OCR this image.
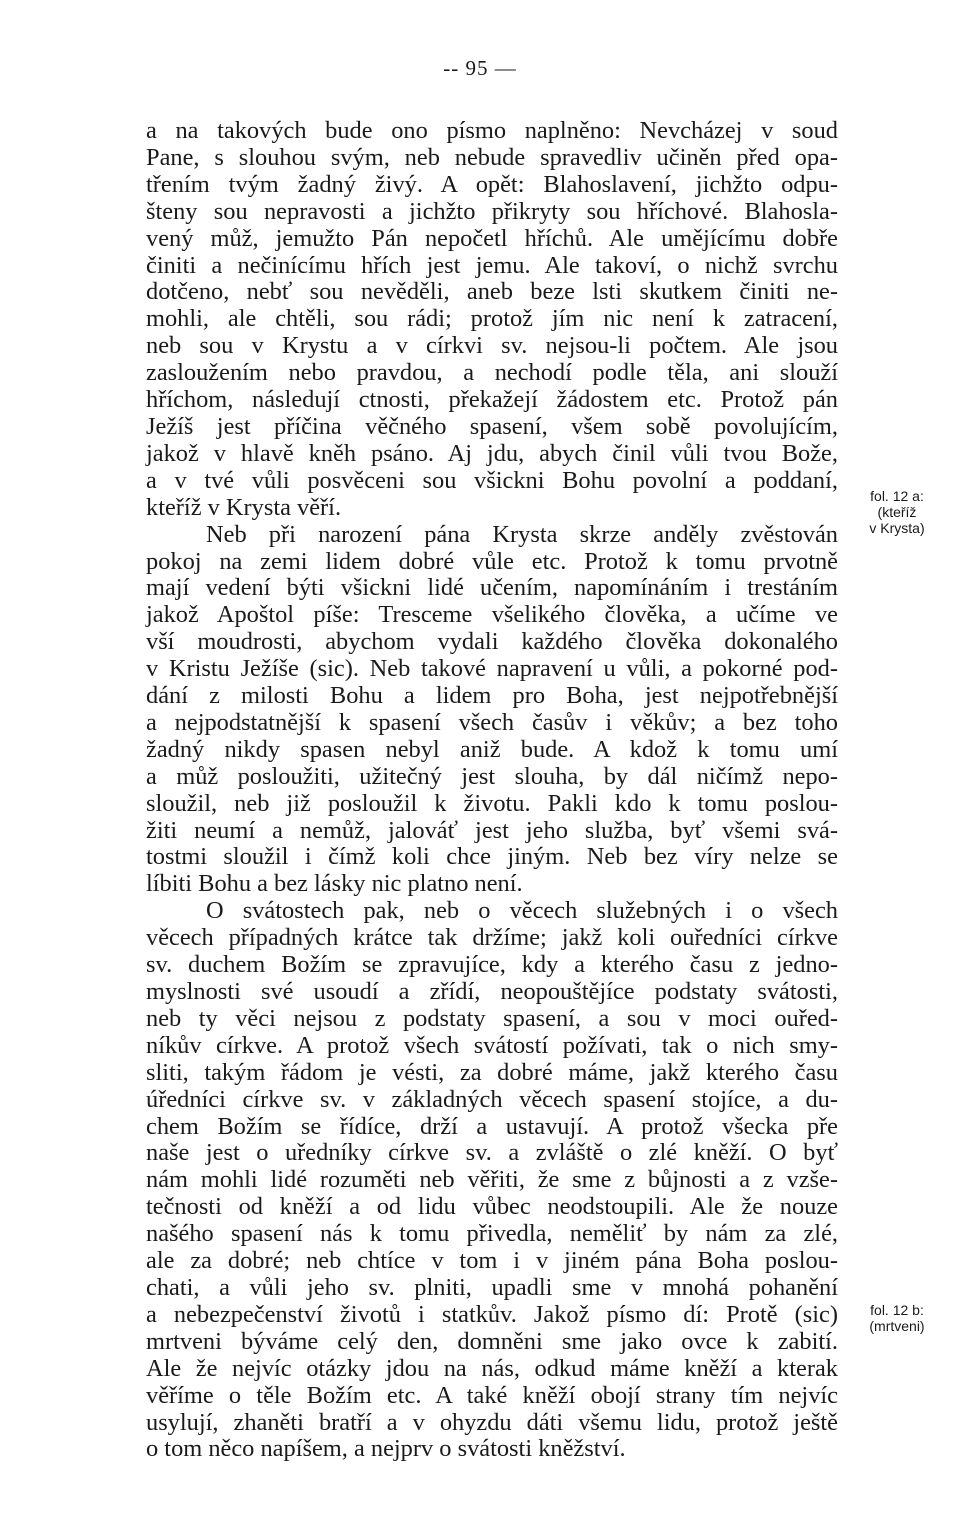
-- 95 —
a na takových bude ono písmo naplněno: Nevcházej v soud
Pane, s slouhou svým, neb nebude spravedliv učiněn před opa-
třením tvým žadný živý. A opět: Blahoslavení, jichžto odpu-
šteny sou nepravosti a jichžto přikryty sou hříchové. Blahosla-
vený můž, jemužto Pán nepočetl hříchů. Ale umějícímu dobře
činiti a nečinícímu hřích jest jemu. Ale takoví, o nichž svrchu
dotčeno, nebť sou nevěděli, aneb beze lsti skutkem činiti ne-
mohli, ale chtěli, sou rádi; protož jím nic není k zatracení,
neb sou v Krystu a v církvi sv. nejsou-li počtem. Ale jsou
zasloužením nebo pravdou, a nechodí podle těla, ani slouží
hříchom, následují ctnosti, překažejí žádostem etc. Protož pán
Ježíš jest příčina věčného spasení, všem sobě povolujícím,
jakož v hlavě kněh psáno. Aj jdu, abych činil vůli tvou Bože,
a v tvé vůli posvěceni sou všickni Bohu povolní a poddaní,
kteříž v Krysta věří.
Neb při narození pána Krysta skrze anděly zvěstován
pokoj na zemi lidem dobré vůle etc. Protož k tomu prvotně
mají vedení býti všickni lidé učením, napomínáním i trestáním
jakož Apoštol píše: Tresceme všelikého člověka, a učíme ve
vší moudrosti, abychom vydali každého člověka dokonalého
v Kristu Ježíše (sic). Neb takové napravení u vůli, a pokorné pod-
dání z milosti Bohu a lidem pro Boha, jest nejpotřebnější
a nejpodstatnější k spasení všech časův i věkův; a bez toho
žadný nikdy spasen nebyl aniž bude. A kdož k tomu umí
a můž posloužiti, užitečný jest slouha, by dál ničímž nepo-
sloužil, neb již posloužil k životu. Pakli kdo k tomu poslou-
žiti neumí a nemůž, jalováť jest jeho služba, byť všemi svá-
tostmi sloužil i čímž koli chce jiným. Neb bez víry nelze se
líbiti Bohu a bez lásky nic platno není.
O svátostech pak, neb o věcech služebných i o všech
věcech případných krátce tak držíme; jakž koli ouředníci církve
sv. duchem Božím se zpravujíce, kdy a kterého času z jedno-
myslnosti své usoudí a zřídí, neopouštějíce podstaty svátosti,
neb ty věci nejsou z podstaty spasení, a sou v moci ouřed-
níkův církve. A protož všech svátostí požívati, tak o nich smy-
sliti, takým řádom je vésti, za dobré máme, jakž kterého času
úředníci církve sv. v základných věcech spasení stojíce, a du-
chem Božím se řídíce, drží a ustavují. A protož všecka pře
naše jest o uředníky církve sv. a zvláště o zlé kněží. O byť
nám mohli lidé rozuměti neb věřiti, že sme z bůjnosti a z vzše-
tečnosti od kněží a od lidu vůbec neodstoupili. Ale že nouze
našého spasení nás k tomu přivedla, neměliť by nám za zlé,
ale za dobré; neb chtíce v tom i v jiném pána Boha poslou-
chati, a vůli jeho sv. plniti, upadli sme v mnohá pohanění
a nebezpečenství životů i statkův. Jakož písmo dí: Protě (sic)
mrtveni býváme celý den, domněni sme jako ovce k zabití.
Ale že nejvíc otázky jdou na nás, odkud máme kněží a kterak
věříme o těle Božím etc. A také kněží obojí strany tím nejvíc
usylují, zhaněti bratří a v ohyzdu dáti všemu lidu, protož ještě
o tom něco napíšem, a nejprv o svátosti kněžství.
fol. 12 a:
(kteříž
v Krysta)
fol. 12 b:
(mrtveni)
